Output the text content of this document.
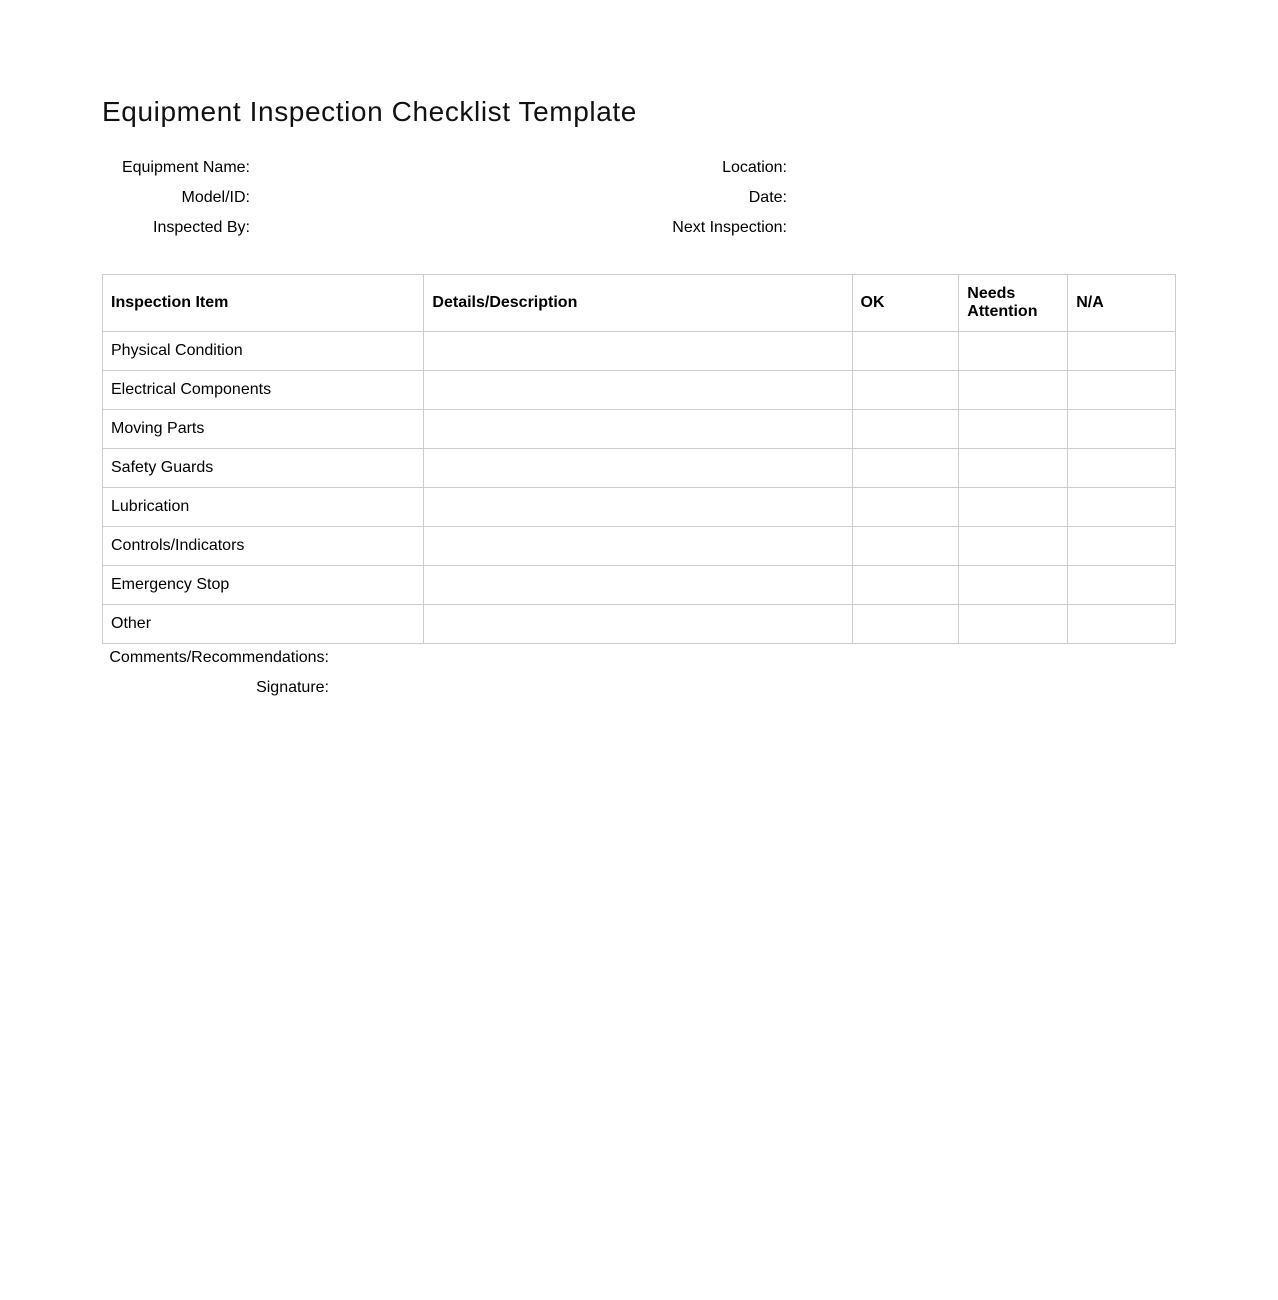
Equipment Inspection Checklist Template
Equipment Name:
Model/ID:
Inspected By:
Location:
Date:
Next Inspection:
Inspection Item	Details/Description	OK	Needs Attention	N/A
Physical Condition				
Electrical Components				
Moving Parts				
Safety Guards				
Lubrication				
Controls/Indicators				
Emergency Stop				
Other				
Comments/Recommendations:
Signature:
